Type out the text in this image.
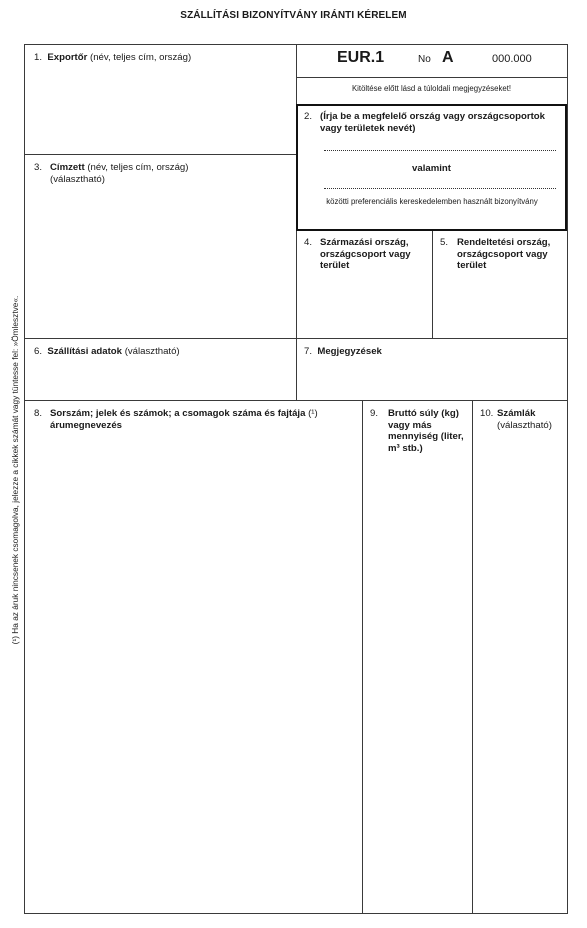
SZÁLLÍTÁSI BIZONYÍTVÁNY IRÁNTI KÉRELEM
(¹) Ha az áruk nincsenek csomagolva, jelezze a cikkek számát vagy tüntesse fel: »Ömlesztve«.
1. Exportőr (név, teljes cím, ország)	EUR.1	No A	000.000
Kitöltése előtt lásd a túloldali megjegyzéseket!
2. (Írja be a megfelelő ország vagy országcsoportok vagy területek nevét)
valamint
közötti preferenciális kereskedelemben használt bizonyítvány
3. Címzett (név, teljes cím, ország)
(választható)
4. Származási ország, országcsoport vagy terület
5. Rendeltetési ország, országcsoport vagy terület
6. Szállítási adatok (választható)	7. Megjegyzések
8. Sorszám; jelek és számok; a csomagok száma és fajtája (¹) árumegnevezés
9.	Bruttó súly (kg) vagy más mennyiség (liter, m³ stb.)
10. Számlák
(választható)
